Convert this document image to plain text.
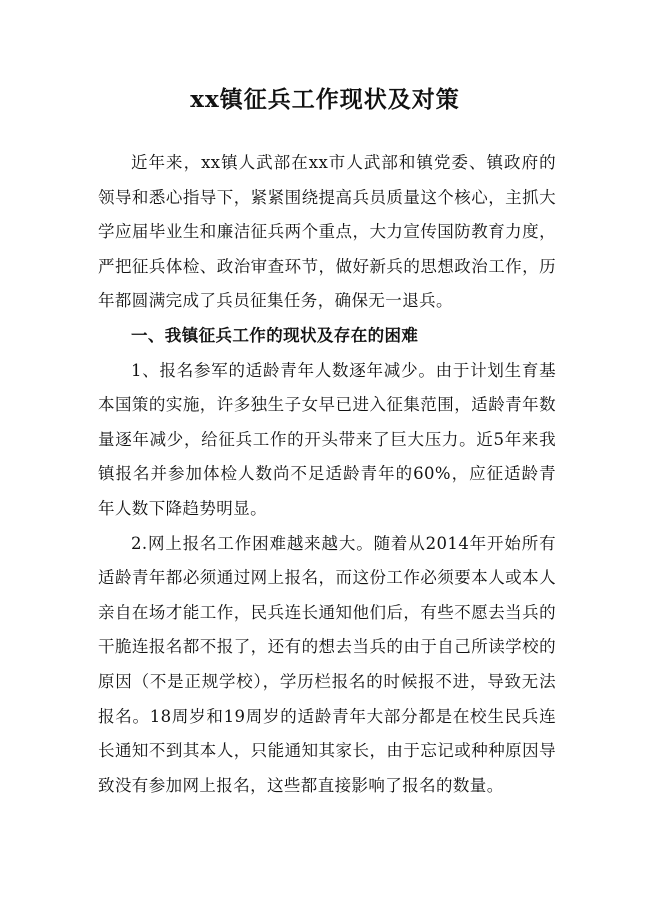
xx镇征兵工作现状及对策

近年来，xx镇人武部在xx市人武部和镇党委、镇政府的领导和悉心指导下，紧紧围绕提高兵员质量这个核心，主抓大学应届毕业生和廉洁征兵两个重点，大力宣传国防教育力度，严把征兵体检、政治审查环节，做好新兵的思想政治工作，历年都圆满完成了兵员征集任务，确保无一退兵。

一、我镇征兵工作的现状及存在的困难

1、报名参军的适龄青年人数逐年减少。由于计划生育基本国策的实施，许多独生子女早已进入征集范围，适龄青年数量逐年减少，给征兵工作的开头带来了巨大压力。近5年来我镇报名并参加体检人数尚不足适龄青年的60%，应征适龄青年人数下降趋势明显。

2.网上报名工作困难越来越大。随着从2014年开始所有适龄青年都必须通过网上报名，而这份工作必须要本人或本人亲自在场才能工作，民兵连长通知他们后，有些不愿去当兵的干脆连报名都不报了，还有的想去当兵的由于自己所读学校的原因（不是正规学校），学历栏报名的时候报不进，导致无法报名。18周岁和19周岁的适龄青年大部分都是在校生民兵连长通知不到其本人，只能通知其家长，由于忘记或种种原因导致没有参加网上报名，这些都直接影响了报名的数量。
